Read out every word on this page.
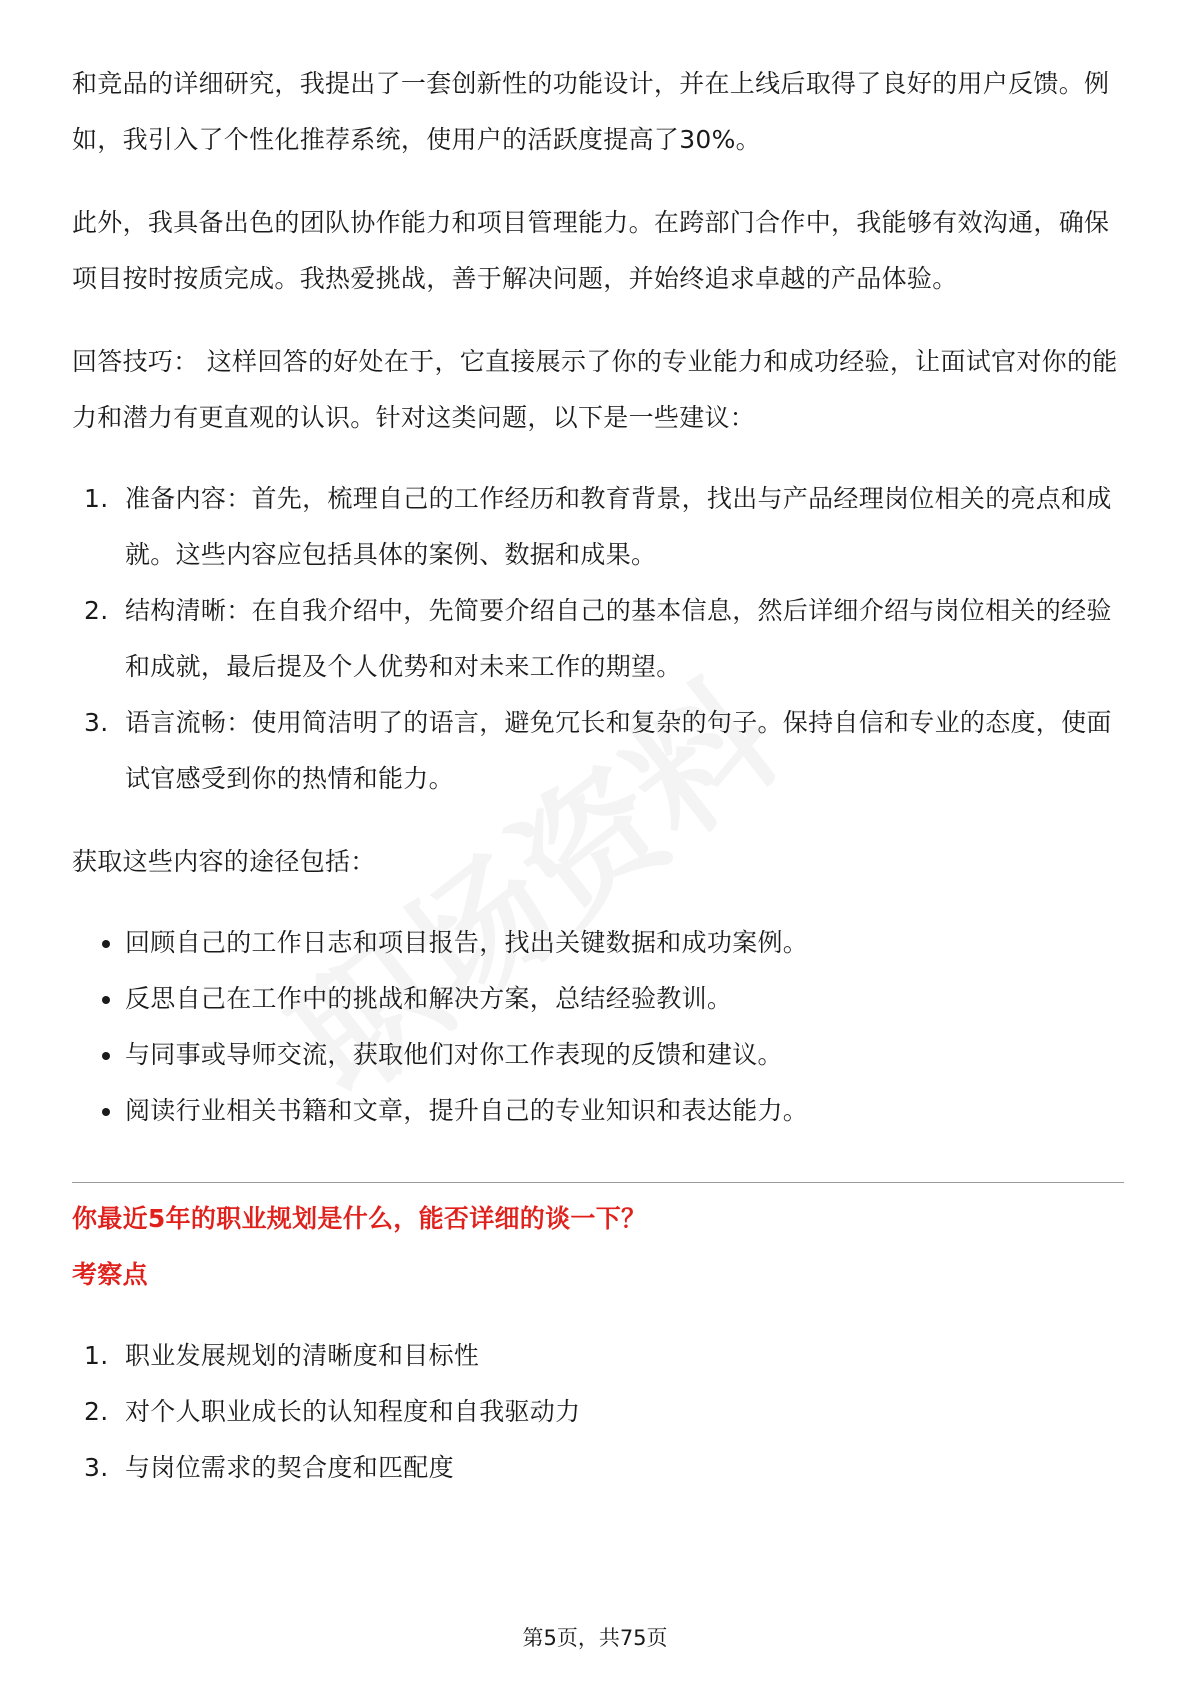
和竞品的详细研究，我提出了一套创新性的功能设计，并在上线后取得了良好的用户反馈。例如，我引入了个性化推荐系统，使用户的活跃度提高了30%。

此外，我具备出色的团队协作能力和项目管理能力。在跨部门合作中，我能够有效沟通，确保项目按时按质完成。我热爱挑战，善于解决问题，并始终追求卓越的产品体验。

回答技巧： 这样回答的好处在于，它直接展示了你的专业能力和成功经验，让面试官对你的能力和潜力有更直观的认识。针对这类问题，以下是一些建议：

1. 准备内容：首先，梳理自己的工作经历和教育背景，找出与产品经理岗位相关的亮点和成就。这些内容应包括具体的案例、数据和成果。
2. 结构清晰：在自我介绍中，先简要介绍自己的基本信息，然后详细介绍与岗位相关的经验和成就，最后提及个人优势和对未来工作的期望。
3. 语言流畅：使用简洁明了的语言，避免冗长和复杂的句子。保持自信和专业的态度，使面试官感受到你的热情和能力。

获取这些内容的途径包括：

回顾自己的工作日志和项目报告，找出关键数据和成功案例。
反思自己在工作中的挑战和解决方案，总结经验教训。
与同事或导师交流，获取他们对你工作表现的反馈和建议。
阅读行业相关书籍和文章，提升自己的专业知识和表达能力。
你最近5年的职业规划是什么，能否详细的谈一下？
考察点
1. 职业发展规划的清晰度和目标性
2. 对个人职业成长的认知程度和自我驱动力
3. 与岗位需求的契合度和匹配度
第5页，共75页
